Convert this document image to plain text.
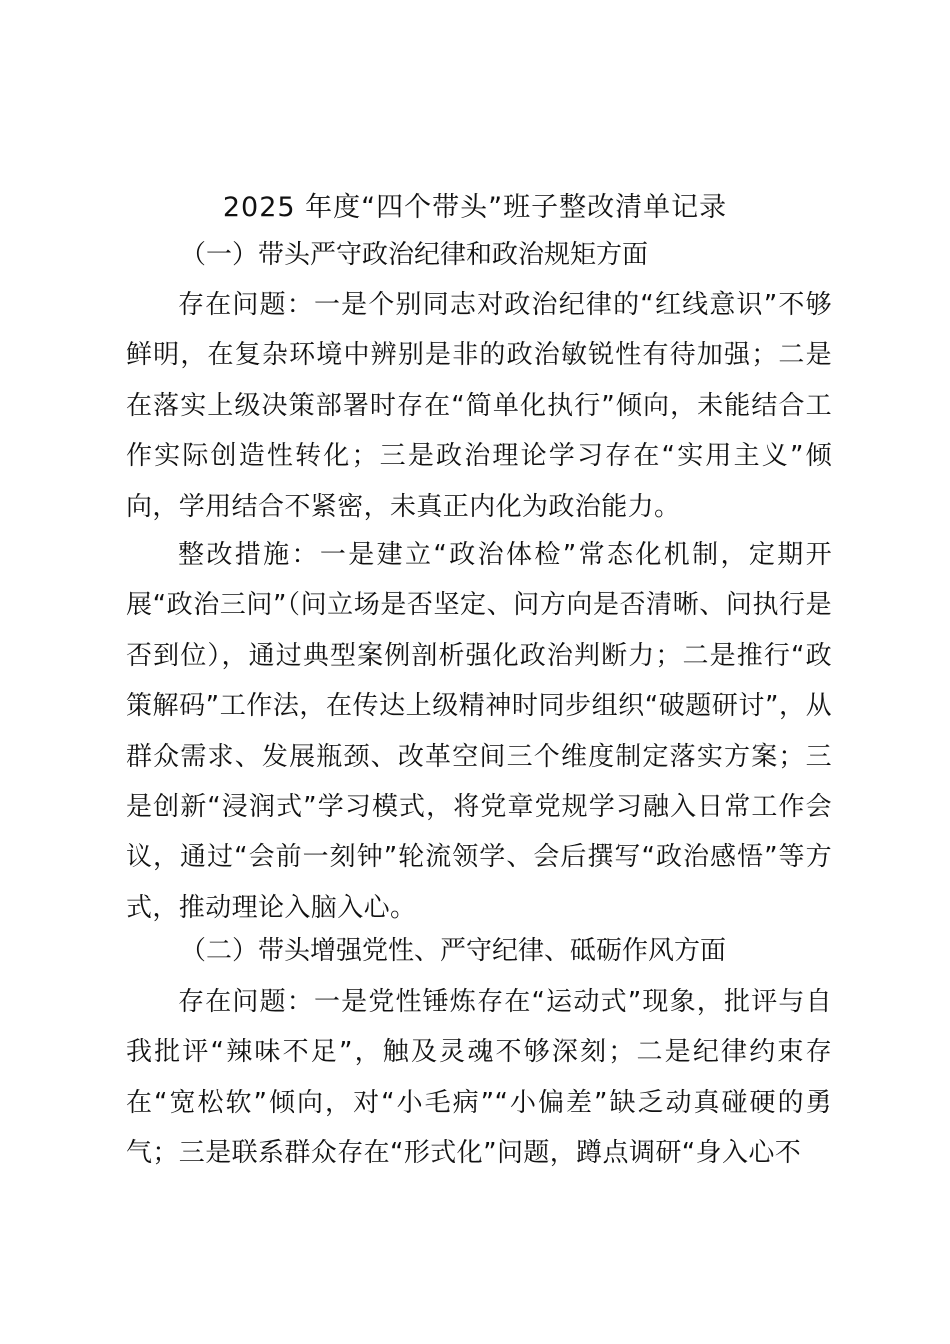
2025 年度“四个带头”班子整改清单记录
（一）带头严守政治纪律和政治规矩方面

存在问题：一是个别同志对政治纪律的“红线意识”不够鲜明，在复杂环境中辨别是非的政治敏锐性有待加强；二是在落实上级决策部署时存在“简单化执行”倾向，未能结合工作实际创造性转化；三是政治理论学习存在“实用主义”倾向，学用结合不紧密，未真正内化为政治能力。

整改措施：一是建立“政治体检”常态化机制，定期开展“政治三问”（问立场是否坚定、问方向是否清晰、问执行是否到位），通过典型案例剖析强化政治判断力；二是推行“政策解码”工作法，在传达上级精神时同步组织“破题研讨”，从群众需求、发展瓶颈、改革空间三个维度制定落实方案；三是创新“浸润式”学习模式，将党章党规学习融入日常工作会议，通过“会前一刻钟”轮流领学、会后撰写“政治感悟”等方式，推动理论入脑入心。

（二）带头增强党性、严守纪律、砥砺作风方面

存在问题：一是党性锤炼存在“运动式”现象，批评与自我批评“辣味不足”，触及灵魂不够深刻；二是纪律约束存在“宽松软”倾向，对“小毛病”“小偏差”缺乏动真碰硬的勇气；三是联系群众存在“形式化”问题，蹲点调研“身入心不
